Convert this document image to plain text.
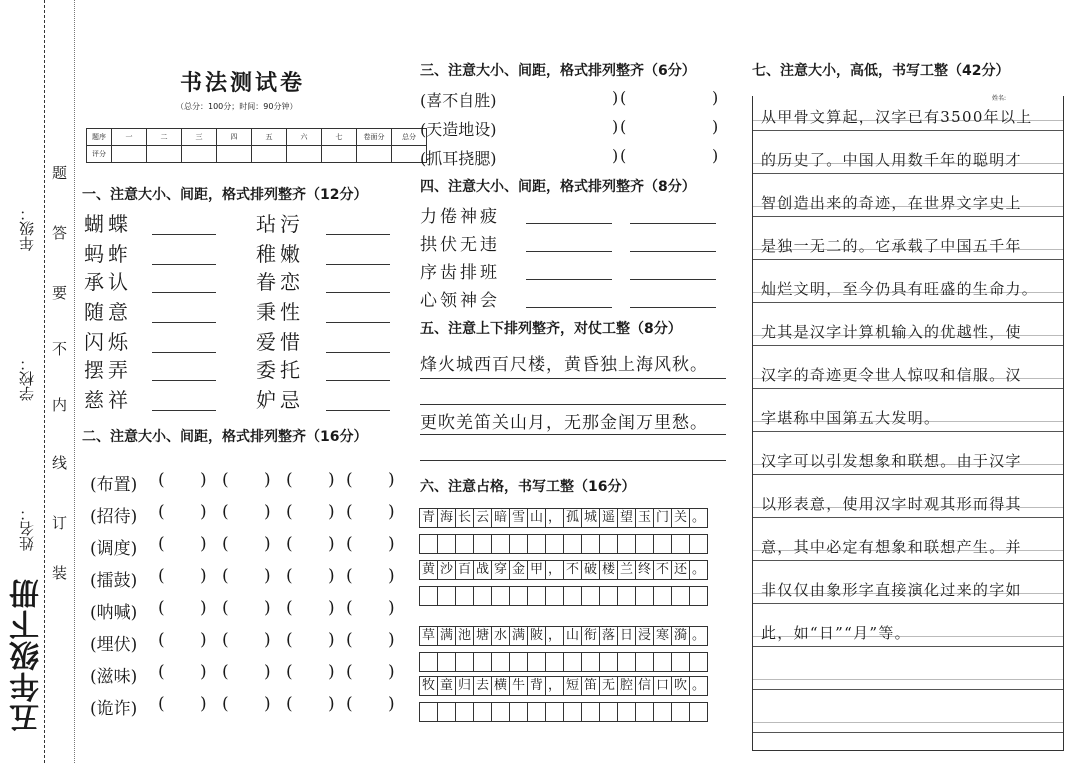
五年级下册
姓名：
学校：
年级：
题
答
要
不
内
线
订
装
书法测试卷
（总分：100分；时间：90分钟）
题序	一	二	三	四	五	六	七	卷面分	总分
评分									
一、注意大小、间距，格式排列整齐（12分）
蝴蝶	玷污
蚂蚱	稚嫩
承认	眷恋
随意	秉性
闪烁	爱惜
摆弄	委托
慈祥	妒忌
二、注意大小、间距，格式排列整齐（16分）
(布置) ( ) ( ) ( ) ( )
(招待) ( ) ( ) ( ) ( )
(调度) ( ) ( ) ( ) ( )
(擂鼓) ( ) ( ) ( ) ( )
(呐喊) ( ) ( ) ( ) ( )
(埋伏) ( ) ( ) ( ) ( )
(滋味) ( ) ( ) ( ) ( )
(诡诈) ( ) ( ) ( ) ( )
三、注意大小、间距，格式排列整齐（6分）
(喜不自胜)	) (	)
(天造地设)	) (	)
(抓耳挠腮)	) (	)
四、注意大小、间距，格式排列整齐（8分）
力倦神疲
拱伏无违
序齿排班
心领神会
五、注意上下排列整齐，对仗工整（8分）
烽火城西百尺楼，黄昏独上海风秋。
更吹羌笛关山月，无那金闺万里愁。
六、注意占格，书写工整（16分）
青 海 长 云 暗 雪 山 ， 孤 城 遥 望 玉 门 关 。
黄 沙 百 战 穿 金 甲 ， 不 破 楼 兰 终 不 还 。
草 满 池 塘 水 满 陂 ， 山 衔 落 日 浸 寒 漪 。
牧 童 归 去 横 牛 背 ， 短 笛 无 腔 信 口 吹 。
七、注意大小，高低，书写工整（42分）
姓名:
从甲骨文算起，汉字已有3500年以上
的历史了。中国人用数千年的聪明才
智创造出来的奇迹，在世界文字史上
是独一无二的。它承载了中国五千年
灿烂文明，至今仍具有旺盛的生命力。
尤其是汉字计算机输入的优越性，使
汉字的奇迹更令世人惊叹和信服。汉
字堪称中国第五大发明。
汉字可以引发想象和联想。由于汉字
以形表意，使用汉字时观其形而得其
意，其中必定有想象和联想产生。并
非仅仅由象形字直接演化过来的字如
此，如“日”“月”等。
